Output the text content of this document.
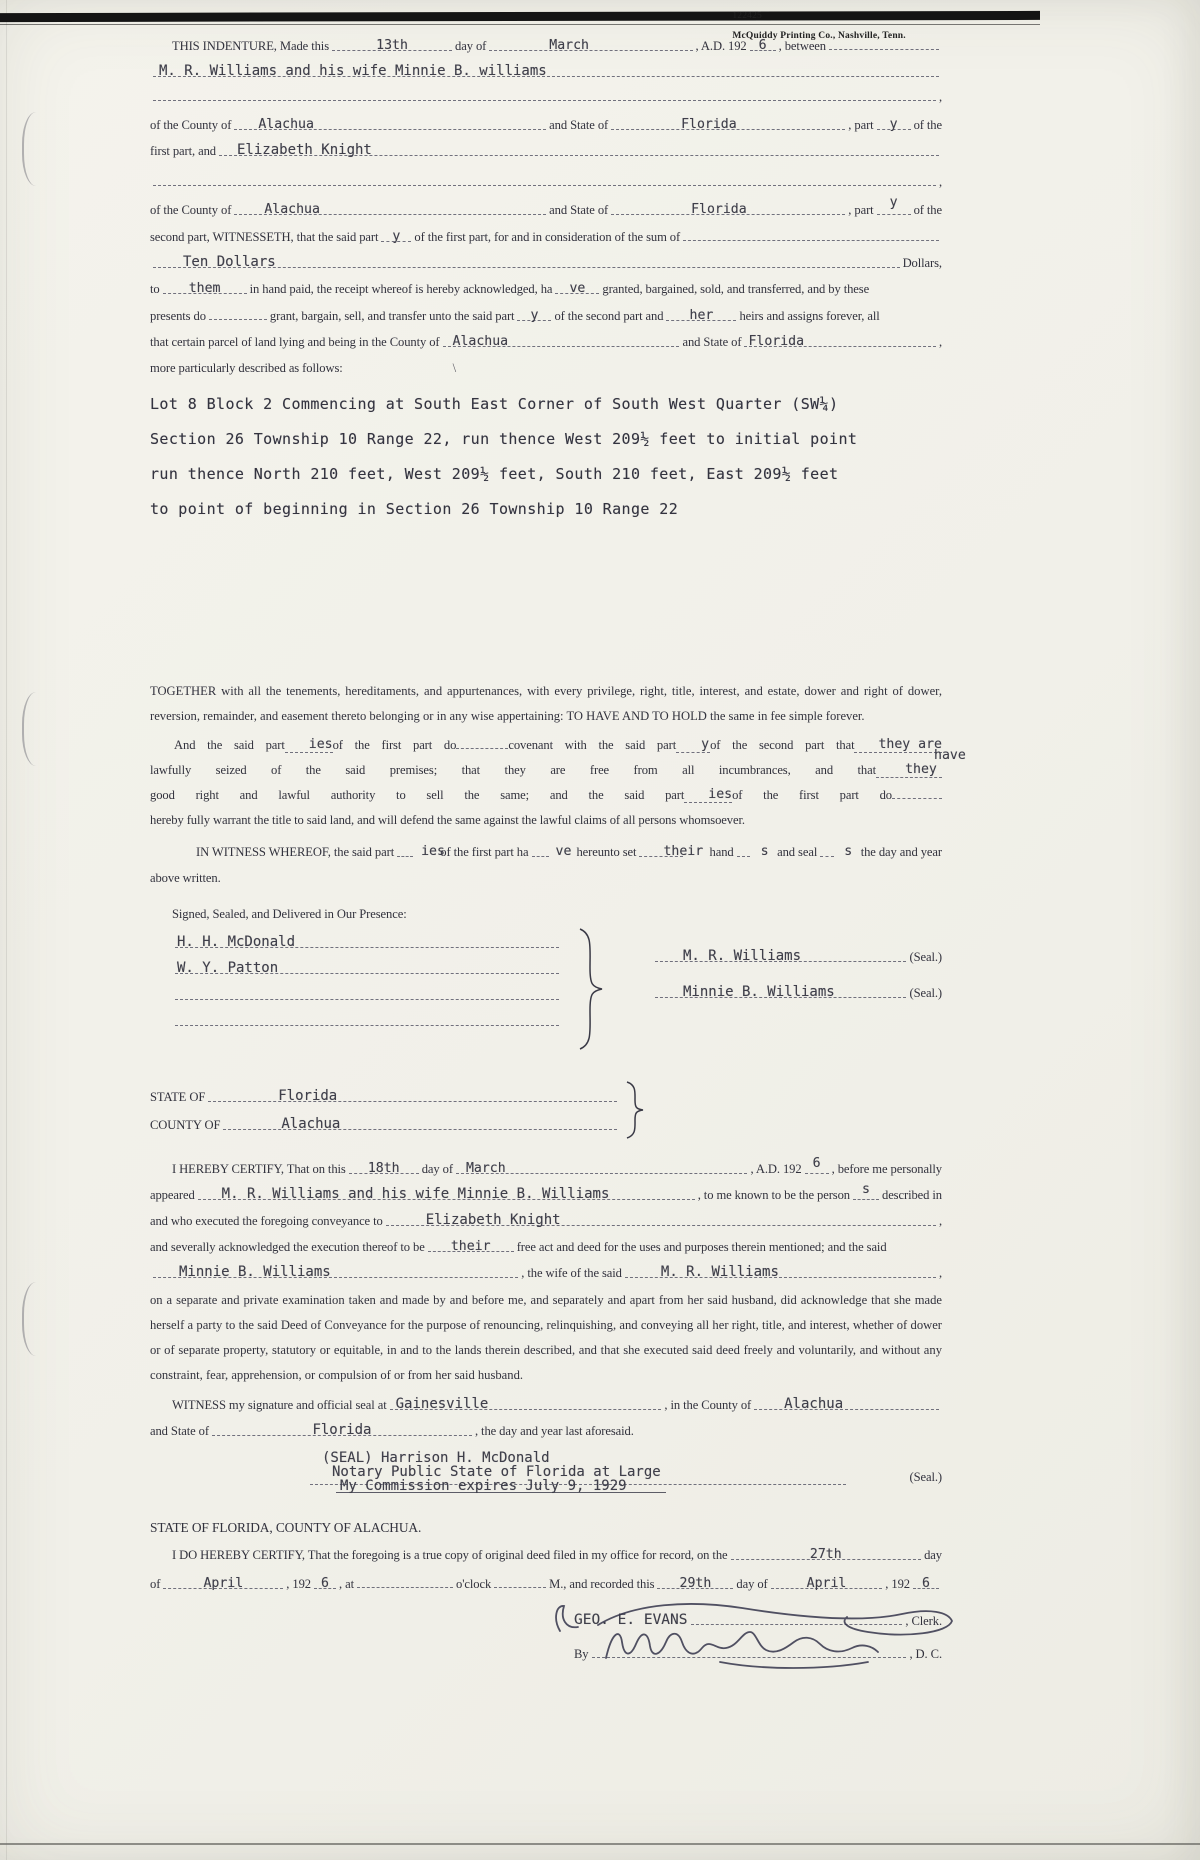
122425

McQuiddy Printing Co., Nashville, Tenn.

THIS INDENTURE, Made this	13th	day of	March	, A.D. 192 6 , between
M. R. Williams and his wife Minnie B. williams
,
of the County of	Alachua	and State of	Florida	, part	y	of the
first part, and	Elizabeth Knight
,
of the County of	Alachua	and State of	Florida	, part	$^y$	of the
second part, WITNESSETH, that the said part	y	of the first part, for and in consideration of the sum of
Ten Dollars	Dollars,
to	them	in hand paid, the receipt whereof is hereby acknowledged, ha	ve	granted, bargained, sold, and transferred, and by these
presents do	grant, bargain, sell, and transfer unto the said part	y	of the second part and	her	heirs and assigns forever, all
that certain parcel of land lying and being in the County of Alachua	and State of Florida	,
more particularly described as follows:	\
Lot 8 Block 2 Commencing at South East Corner of South West Quarter (SW¼)
Section 26 Township 10 Range 22, run thence West 209½ feet to initial point
run thence North 210 feet, West 209½ feet, South 210 feet, East 209½ feet
to point of beginning in Section 26 Township 10 Range 22

TOGETHER with all the tenements, hereditaments, and appurtenances, with every privilege, right, title, interest, and estate, dower and right of dower, reversion, remainder, and easement thereto belonging or in any wise appertaining: TO HAVE AND TO HOLD the same in fee simple forever.

And the said part iesof the first part do	covenant with the said part yof the second part that they arelawfully seized of the said premises; that they are free from all incumbrances, and that
have
theygood right and lawful authority to sell the same; and the said part iesof the first part dohereby fully warrant the title to said land, and will defend the same against the lawful claims of all persons whomsoever.

IN WITNESS WHEREOF, the said part	ies
of the first part ha	ve hereunto set	their hand	s and seal	s the day and year
above written.
Signed, Sealed, and Delivered in Our Presence:
H. H. McDonald
W. Y. Patton
M. R. Williams	(Seal.)
Minnie B. Williams	(Seal.)
STATE OF	Florida
COUNTY OF	Alachua
I HEREBY CERTIFY, That on this	18th	day of March	, A.D. 192 $^6$ , before me personally
appeared	M. R. Williams and his wife Minnie B. Williams	, to me known to be the person $^s$ described in
and who executed the foregoing conveyance to	Elizabeth Knight	,
and severally acknowledged the execution thereof to be	their	free act and deed for the uses and purposes therein mentioned; and the said
Minnie B. Williams	, the wife of the said	M. R. Williams	,

on a separate and private examination taken and made by and before me, and separately and apart from her said husband, did acknowledge that she made herself a party to the said Deed of Conveyance for the purpose of renouncing, relinquishing, and conveying all her right, title, and interest, whether of dower or of separate property, statutory or equitable, in and to the lands therein described, and that she executed said deed freely and voluntarily, and without any constraint, fear, apprehension, or compulsion of or from her said husband.

WITNESS my signature and official seal at Gainesville	, in the County of	Alachua
and State of	Florida	, the day and year last aforesaid.
(SEAL) Harrison H. McDonald
Notary Public State of Florida at Large
My Commission expires July 9, 1929
(Seal.)
STATE OF FLORIDA, COUNTY OF ALACHUA.
I DO HEREBY CERTIFY, That the foregoing is a true copy of original deed filed in my office for record, on the	27th	day
of	April	, 192 6 , at	o'clock	M., and recorded this	29th	day of	April	, 192 6
GEO. E. EVANS	, Clerk.
By	, D. C.
